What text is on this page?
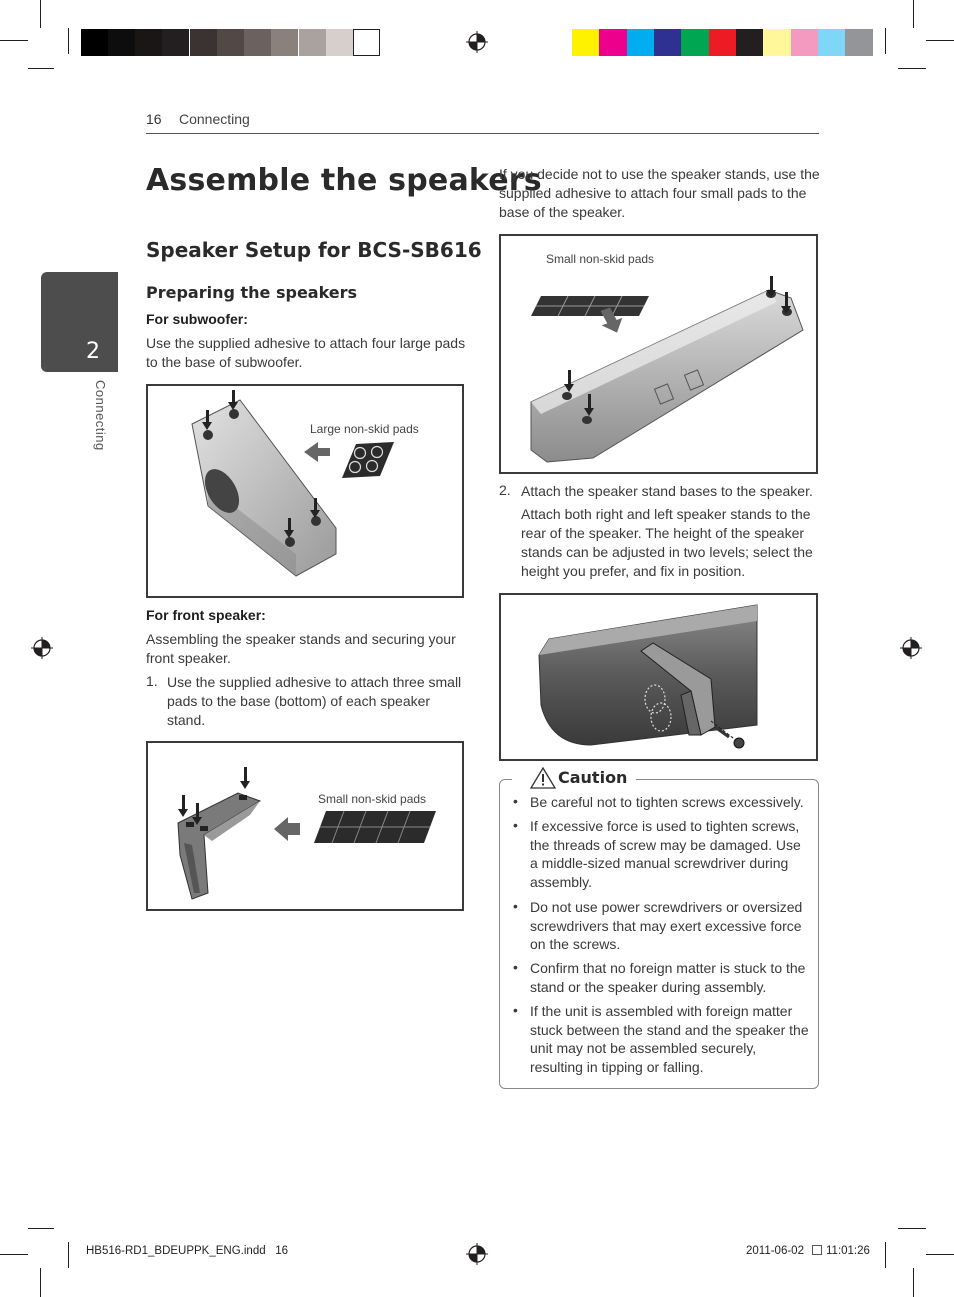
16 Connecting
2
Connecting
Assemble the speakers
Speaker Setup for BCS-SB616
Preparing the speakers
For subwoofer:
Use the supplied adhesive to attach four large pads to the base of subwoofer.
Large non-skid pads
For front speaker:
Assembling the speaker stands and securing your front speaker.
1. Use the supplied adhesive to attach three small pads to the base (bottom) of each speaker stand.
Small non-skid pads
If you decide not to use the speaker stands, use the supplied adhesive to attach four small pads to the base of the speaker.
Small non-skid pads
2. Attach the speaker stand bases to the speaker.
Attach both right and left speaker stands to the rear of the speaker. The height of the speaker stands can be adjusted in two levels; select the height you prefer, and fix in position.
Caution
• Be careful not to tighten screws excessively.
• If excessive force is used to tighten screws, the threads of screw may be damaged. Use a middle-sized manual screwdriver during assembly.
• Do not use power screwdrivers or oversized screwdrivers that may exert excessive force on the screws.
• Confirm that no foreign matter is stuck to the stand or the speaker during assembly.
• If the unit is assembled with foreign matter stuck between the stand and the speaker the unit may not be assembled securely, resulting in tipping or falling.
HB516-RD1_BDEUPPK_ENG.indd   16	2011-06-02 11:01:26
